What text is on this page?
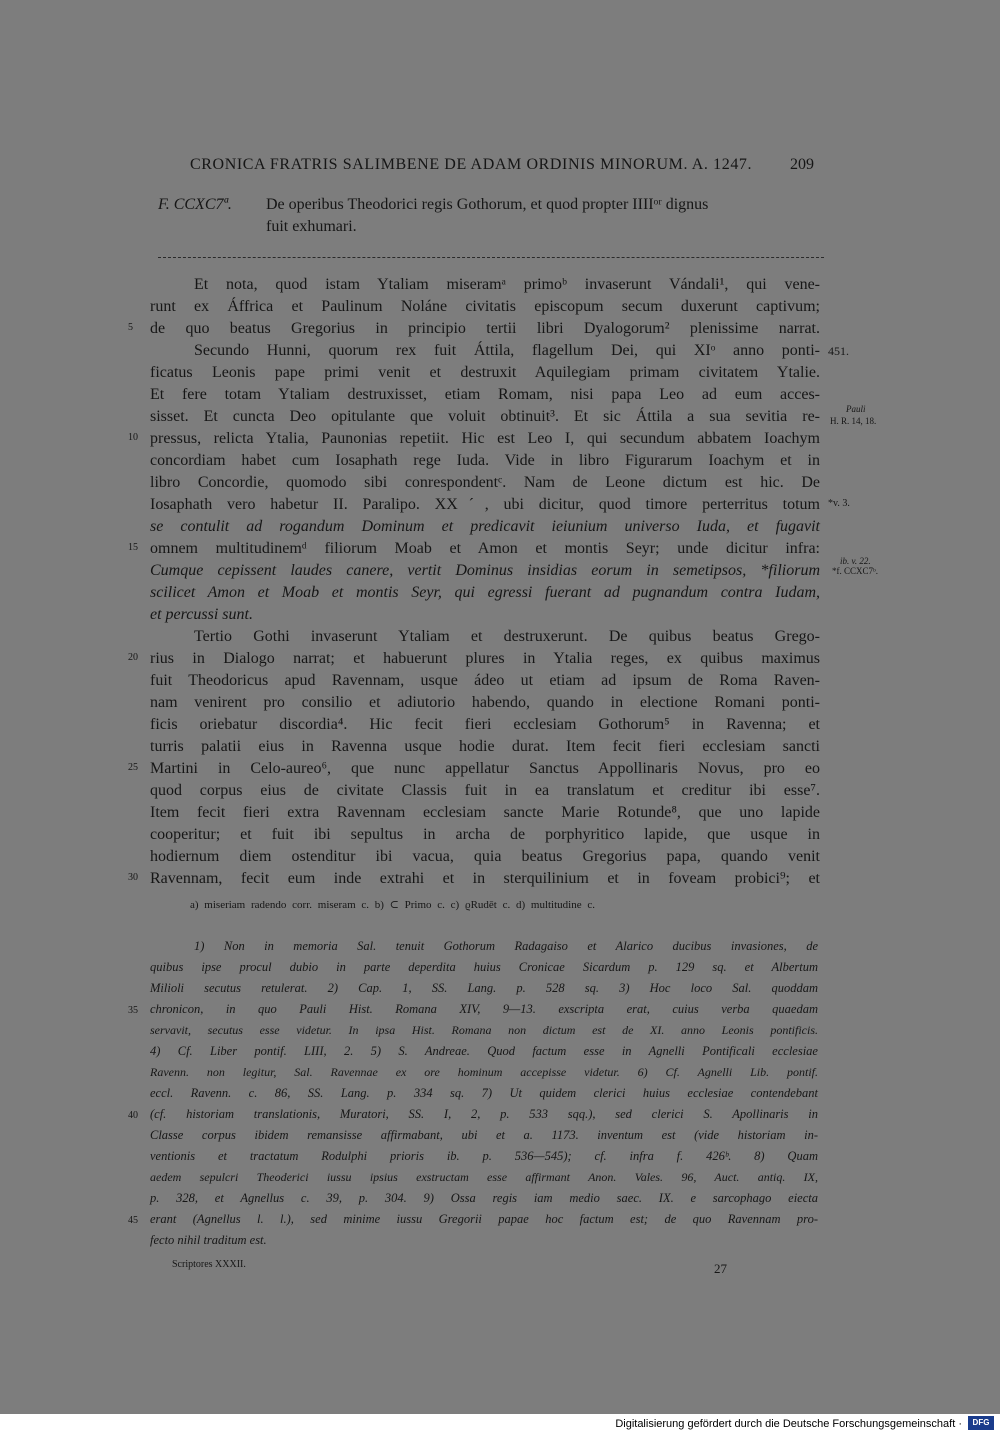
CRONICA FRATRIS SALIMBENE DE ADAM ORDINIS MINORUM. A. 1247. 209
F. CCXC7ª. De operibus Theodorici regis Gothorum, et quod propter IIIIᵒʳ dignus
fuit exhumari.
Et nota, quod istam Ytaliam miseramᵃ primoᵇ invaserunt Vándali¹, qui vene-
runt ex Áffrica et Paulinum Noláne civitatis episcopum secum duxerunt captivum;
de quo beatus Gregorius in principio tertii libri Dyalogorum² plenissime narrat.
Secundo Hunni, quorum rex fuit Áttila, flagellum Dei, qui XIᵒ anno ponti-
ficatus Leonis pape primi venit et destruxit Aquilegiam primam civitatem Ytalie.
Et fere totam Ytaliam destruxisset, etiam Romam, nisi papa Leo ad eum acces-
sisset. Et cuncta Deo opitulante que voluit obtinuit³. Et sic Áttila a sua sevitia re-
pressus, relicta Ytalia, Paunonias repetiit. Hic est Leo I, qui secundum abbatem Ioachym
concordiam habet cum Iosaphath rege Iuda. Vide in libro Figurarum Ioachym et in
libro Concordie, quomodo sibi conrespondentᶜ. Nam de Leone dictum est hic. De
Iosaphath vero habetur II. Paralipo. XXˊ, ubi dicitur, quod timore perterritus totum
se contulit ad rogandum Dominum et predicavit ieiunium universo Iuda, et fugavit
omnem multitudinemᵈ filiorum Moab et Amon et montis Seyr; unde dicitur infra:
Cumque cepissent laudes canere, vertit Dominus insidias eorum in semetipsos, *filiorum
scilicet Amon et Moab et montis Seyr, qui egressi fuerant ad pugnandum contra Iudam,
et percussi sunt.
Tertio Gothi invaserunt Ytaliam et destruxerunt. De quibus beatus Grego-
rius in Dialogo narrat; et habuerunt plures in Ytalia reges, ex quibus maximus
fuit Theodoricus apud Ravennam, usque ádeo ut etiam ad ipsum de Roma Raven-
nam venirent pro consilio et adiutorio habendo, quando in electione Romani ponti-
ficis oriebatur discordia⁴. Hic fecit fieri ecclesiam Gothorum⁵ in Ravenna; et
turris palatii eius in Ravenna usque hodie durat. Item fecit fieri ecclesiam sancti
Martini in Celo-aureo⁶, que nunc appellatur Sanctus Appollinaris Novus, pro eo
quod corpus eius de civitate Classis fuit in ea translatum et creditur ibi esse⁷.
Item fecit fieri extra Ravennam ecclesiam sancte Marie Rotunde⁸, que uno lapide
cooperitur; et fuit ibi sepultus in archa de porphyritico lapide, que usque in
hodiernum diem ostenditur ibi vacua, quia beatus Gregorius papa, quando venit
Ravennam, fecit eum inde extrahi et in sterquilinium et in foveam probici⁹; et
5
10
15
20
25
30
35
40
45
451.
Pauli
H. R. 14, 18.
*v. 3.
ib. v. 22.
*f. CCXC7ᵇ.
a) miseriam radendo corr. miseram c. b) ⊂ Primo c. c) ϱRudēt c. d) multitudine c.
1) Non in memoria Sal. tenuit Gothorum Radagaiso et Alarico ducibus invasiones, de
quibus ipse procul dubio in parte deperdita huius Cronicae Sicardum p. 129 sq. et Albertum
Milioli secutus retulerat. 2) Cap. 1, SS. Lang. p. 528 sq. 3) Hoc loco Sal. quoddam
chronicon, in quo Pauli Hist. Romana XIV, 9—13. exscripta erat, cuius verba quaedam
servavit, secutus esse videtur. In ipsa Hist. Romana non dictum est de XI. anno Leonis pontificis.
4) Cf. Liber pontif. LIII, 2. 5) S. Andreae. Quod factum esse in Agnelli Pontificali ecclesiae
Ravenn. non legitur, Sal. Ravennae ex ore hominum accepisse videtur. 6) Cf. Agnelli Lib. pontif.
eccl. Ravenn. c. 86, SS. Lang. p. 334 sq. 7) Ut quidem clerici huius ecclesiae contendebant
(cf. historiam translationis, Muratori, SS. I, 2, p. 533 sqq.), sed clerici S. Apollinaris in
Classe corpus ibidem remansisse affirmabant, ubi et a. 1173. inventum est (vide historiam in-
ventionis et tractatum Rodulphi prioris ib. p. 536—545); cf. infra f. 426ᵇ. 8) Quam
aedem sepulcri Theoderici iussu ipsius exstructam esse affirmant Anon. Vales. 96, Auct. antiq. IX,
p. 328, et Agnellus c. 39, p. 304. 9) Ossa regis iam medio saec. IX. e sarcophago eiecta
erant (Agnellus l. l.), sed minime iussu Gregorii papae hoc factum est; de quo Ravennam pro-
fecto nihil traditum est.
Scriptores XXXII.	27
Digitalisierung gefördert durch die Deutsche Forschungsgemeinschaft ·	DFG
